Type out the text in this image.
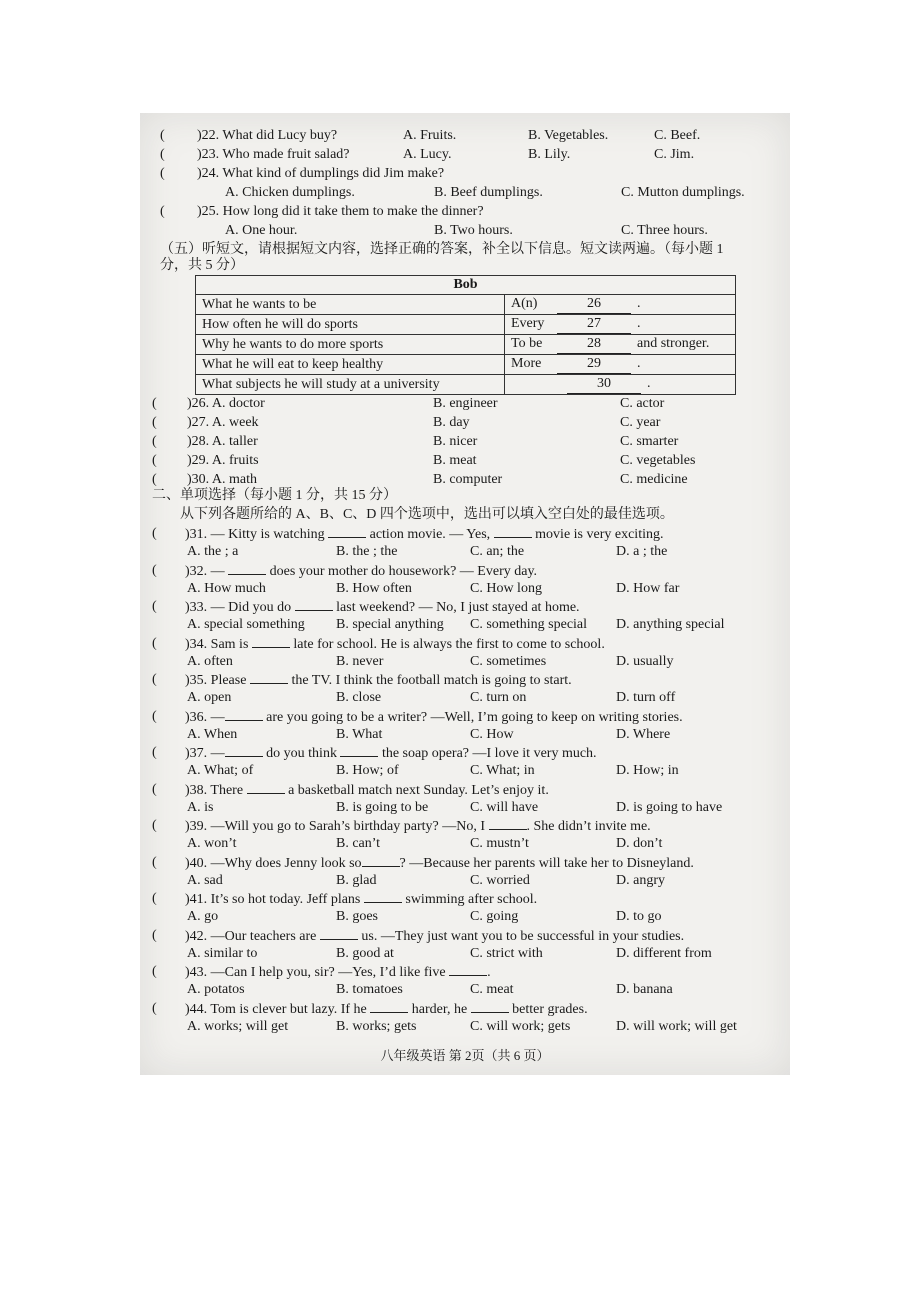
( )22. What did Lucy buy?	A. Fruits.	B. Vegetables.	C. Beef.
( )23. Who made fruit salad?	A. Lucy.	B. Lily.	C. Jim.
( )24. What kind of dumplings did Jim make?
A. Chicken dumplings.	B. Beef dumplings.	C. Mutton dumplings.
( )25. How long did it take them to make the dinner?
A. One hour.	B. Two hours.	C. Three hours.
（五）听短文，请根据短文内容，选择正确的答案，补全以下信息。短文读两遍。（每小题 1
分，共 5 分）
Bob	
What he wants to be	A(n) 26 .
How often he will do sports	Every 27 .
Why he wants to do more sports	To be 28 and stronger.
What he will eat to keep healthy	More 29 .
What subjects he will study at a university	30 .
( )26. A. doctor	B. engineer	C. actor
( )27. A. week	B. day	C. year
( )28. A. taller	B. nicer	C. smarter
( )29. A. fruits	B. meat	C. vegetables
( )30. A. math	B. computer	C. medicine
二、单项选择（每小题 1 分，共 15 分）
从下列各题所给的 A、B、C、D 四个选项中，选出可以填入空白处的最佳选项。
( )31. — Kitty is watching	action movie. — Yes,	movie is very exciting.
A. the ; a	B. the ; the	C. an; the	D. a ; the
( )32. —	does your mother do housework? — Every day.
A. How much	B. How often	C. How long	D. How far
( )33. — Did you do	last weekend? — No, I just stayed at home.
A. special something B. special anything C. something special D. anything special
( )34. Sam is	late for school. He is always the first to come to school.
A. often	B. never	C. sometimes	D. usually
( )35. Please	the TV. I think the football match is going to start.
A. open	B. close	C. turn on	D. turn off
( )36. —	are you going to be a writer? —Well, I’m going to keep on writing stories.
A. When	B. What	C. How	D. Where
( )37. —	do you think	the soap opera? —I love it very much.
A. What; of	B. How; of	C. What; in	D. How; in
( )38. There	a basketball match next Sunday. Let’s enjoy it.
A. is	B. is going to be	C. will have	D. is going to have
( )39. —Will you go to Sarah’s birthday party? —No, I	. She didn’t invite me.
A. won’t	B. can’t	C. mustn’t	D. don’t
( )40. —Why does Jenny look so	? —Because her parents will take her to Disneyland.
A. sad	B. glad	C. worried	D. angry
( )41. It’s so hot today. Jeff plans	swimming after school.
A. go	B. goes	C. going	D. to go
( )42. —Our teachers are	us. —They just want you to be successful in your studies.
A. similar to	B. good at	C. strict with	D. different from
( )43. —Can I help you, sir? —Yes, I’d like five	.
A. potatos	B. tomatoes	C. meat	D. banana
( )44. Tom is clever but lazy. If he	harder, he	better grades.
A. works; will get	B. works; gets	C. will work; gets	D. will work; will get
八年级英语 第 2页（共 6 页）
